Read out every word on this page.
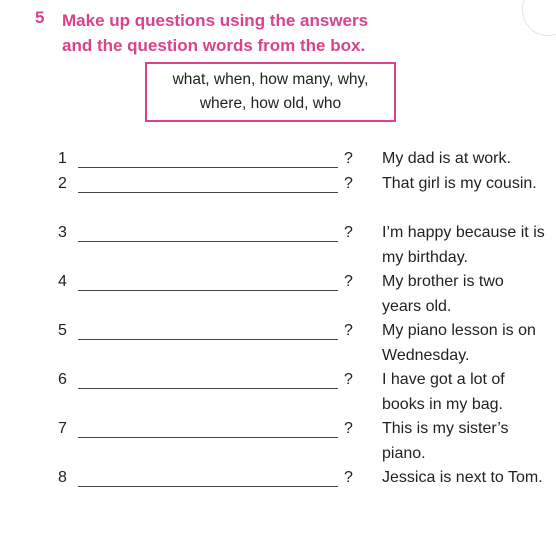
5 Make up questions using the answers and the question words from the box.
what, when, how many, why,
where, how old, who
1	? My dad is at work.
2	? That girl is my cousin.
3	? I’m happy because it is my birthday.
4	? My brother is two years old.
5	? My piano lesson is on Wednesday.
6	? I have got a lot of books in my bag.
7	? This is my sister’s piano.
8	? Jessica is next to Tom.
